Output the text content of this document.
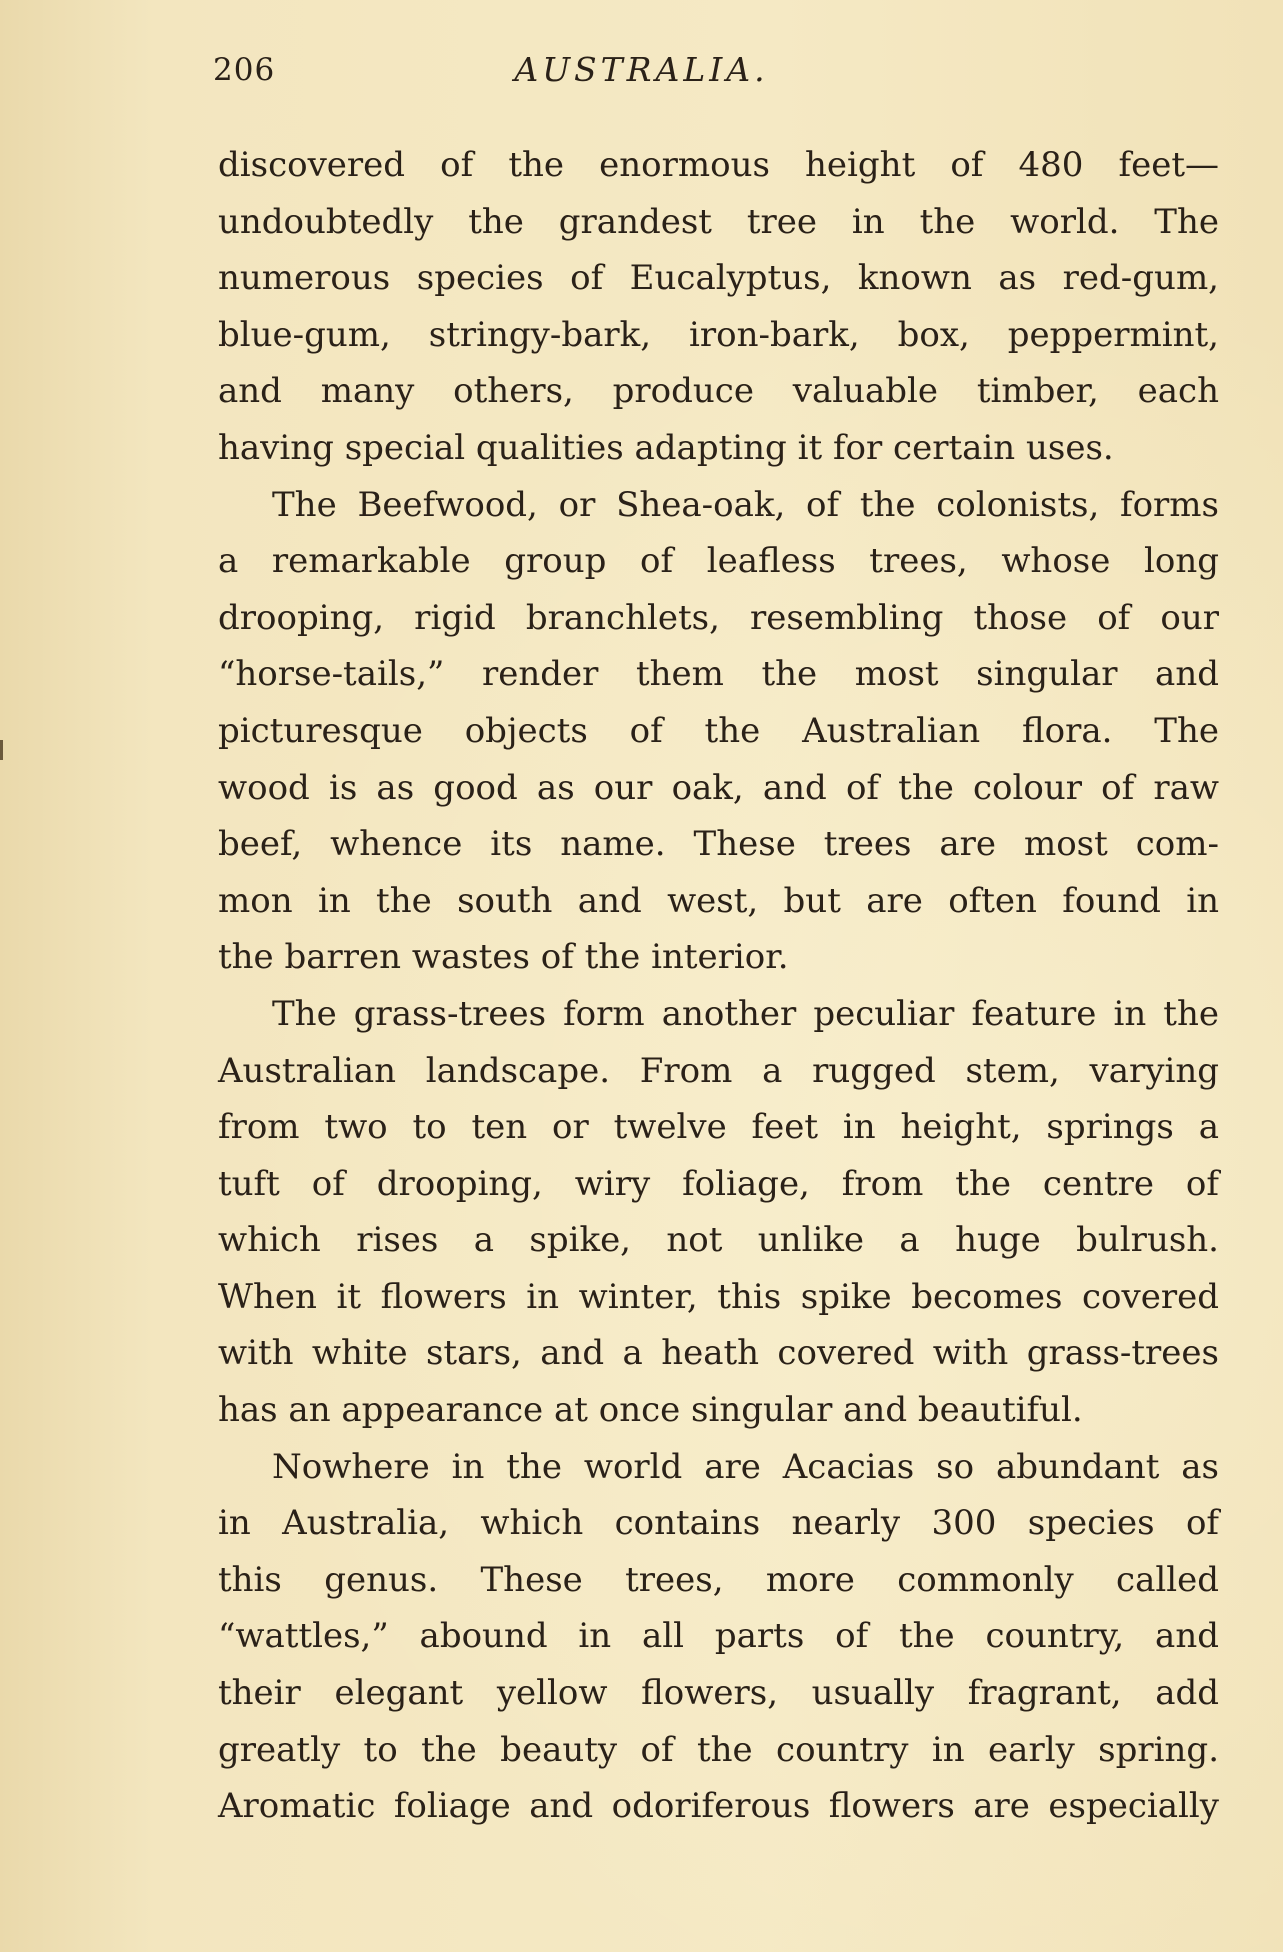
206	AUSTRALIA.

discovered of the enormous height of 480 feet—
undoubtedly the grandest tree in the world. The
numerous species of Eucalyptus, known as red-gum,
blue-gum, stringy-bark, iron-bark, box, peppermint,
and many others, produce valuable timber, each
having special qualities adapting it for certain uses.

The Beefwood, or Shea-oak, of the colonists, forms
a remarkable group of leafless trees, whose long
drooping, rigid branchlets, resembling those of our
“horse-tails,” render them the most singular and
picturesque objects of the Australian flora. The
wood is as good as our oak, and of the colour of raw
beef, whence its name. These trees are most com-
mon in the south and west, but are often found in
the barren wastes of the interior.

The grass-trees form another peculiar feature in the
Australian landscape. From a rugged stem, varying
from two to ten or twelve feet in height, springs a
tuft of drooping, wiry foliage, from the centre of
which rises a spike, not unlike a huge bulrush.
When it flowers in winter, this spike becomes covered
with white stars, and a heath covered with grass-trees
has an appearance at once singular and beautiful.

Nowhere in the world are Acacias so abundant as
in Australia, which contains nearly 300 species of
this genus. These trees, more commonly called
“wattles,” abound in all parts of the country, and
their elegant yellow flowers, usually fragrant, add
greatly to the beauty of the country in early spring.
Aromatic foliage and odoriferous flowers are especially
